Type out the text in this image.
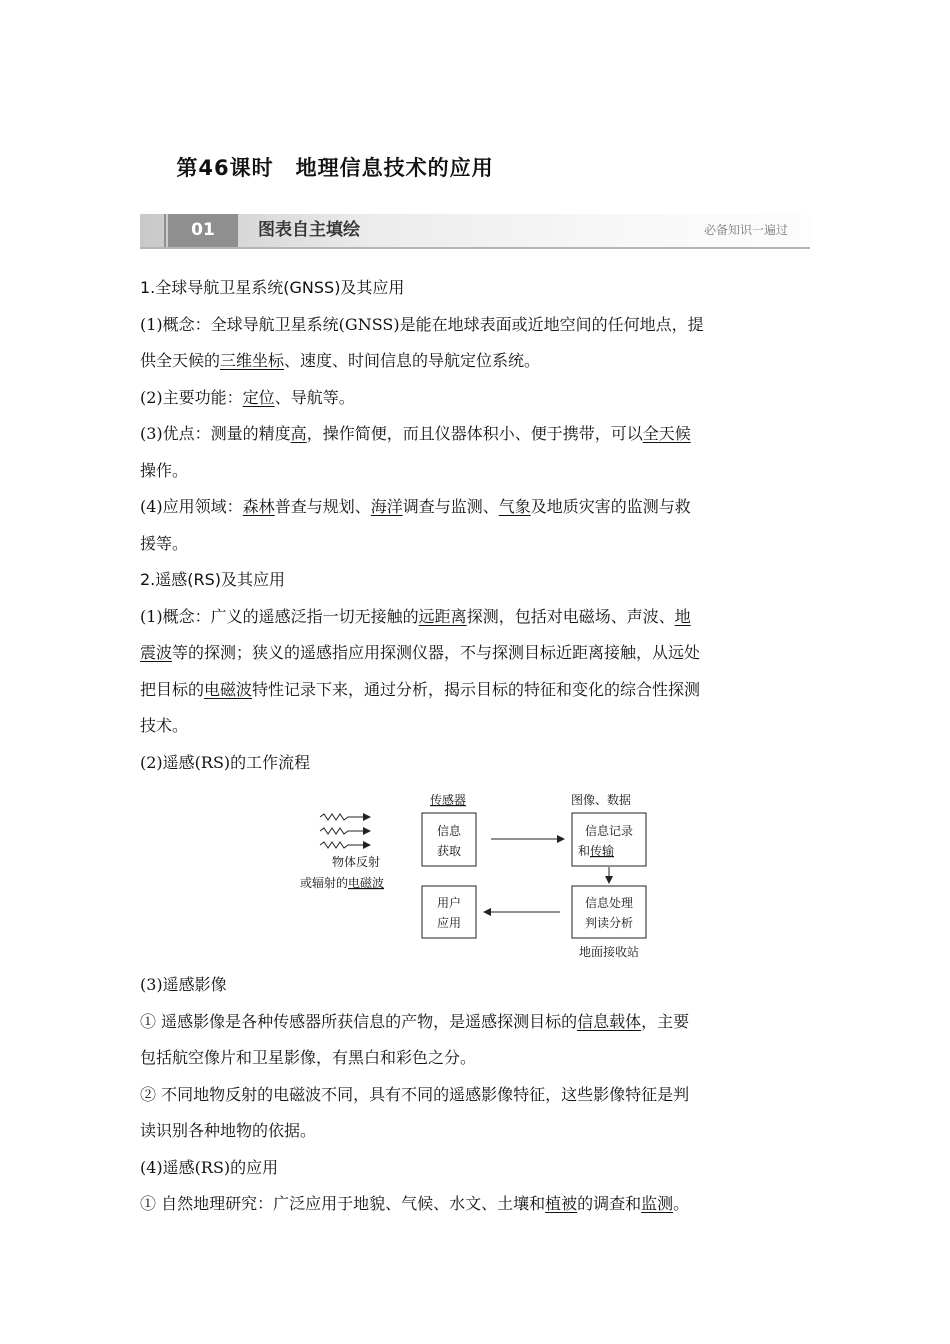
第46课时　地理信息技术的应用
01	图表自主填绘	必备知识一遍过

1.全球导航卫星系统(GNSS)及其应用

(1)概念：全球导航卫星系统(GNSS)是能在地球表面或近地空间的任何地点，提

供全天候的三维坐标、速度、时间信息的导航定位系统。

(2)主要功能：定位、导航等。

(3)优点：测量的精度高，操作简便，而且仪器体积小、便于携带，可以全天候

操作。

(4)应用领域：森林普查与规划、海洋调查与监测、气象及地质灾害的监测与救

援等。

2.遥感(RS)及其应用

(1)概念：广义的遥感泛指一切无接触的远距离探测，包括对电磁场、声波、地

震波等的探测；狭义的遥感指应用探测仪器，不与探测目标近距离接触，从远处

把目标的电磁波特性记录下来，通过分析，揭示目标的特征和变化的综合性探测

技术。

(2)遥感(RS)的工作流程

物体反射
或辐射的电磁波
传感器	图像、数据
信息
获取
信息记录
和传输
用户
应用
信息处理
判读分析
地面接收站

(3)遥感影像

① 遥感影像是各种传感器所获信息的产物，是遥感探测目标的信息载体，主要

包括航空像片和卫星影像，有黑白和彩色之分。

② 不同地物反射的电磁波不同，具有不同的遥感影像特征，这些影像特征是判

读识别各种地物的依据。

(4)遥感(RS)的应用

① 自然地理研究：广泛应用于地貌、气候、水文、土壤和植被的调查和监测。
